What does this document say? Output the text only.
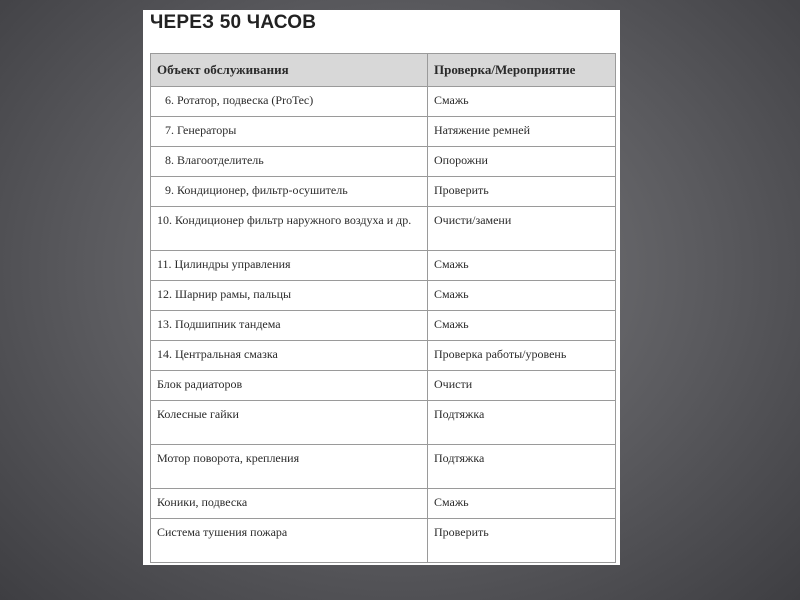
ЧЕРЕЗ 50 ЧАСОВ
Объект обслуживания	Проверка/Мероприятие
6. Ротатор, подвеска (ProTec)	Смажь
7. Генераторы	Натяжение ремней
8. Влагоотделитель	Опорожни
9. Кондиционер, фильтр-осушитель	Проверить
10. Кондиционер фильтр наружного воздуха и др.	Очисти/замени
11. Цилиндры управления	Смажь
12. Шарнир рамы, пальцы	Смажь
13. Подшипник тандема	Смажь
14. Центральная смазка	Проверка работы/уровень
Блок радиаторов	Очисти
Колесные гайки	Подтяжка
Мотор поворота, крепления	Подтяжка
Коники, подвеска	Смажь
Система тушения пожара	Проверить
